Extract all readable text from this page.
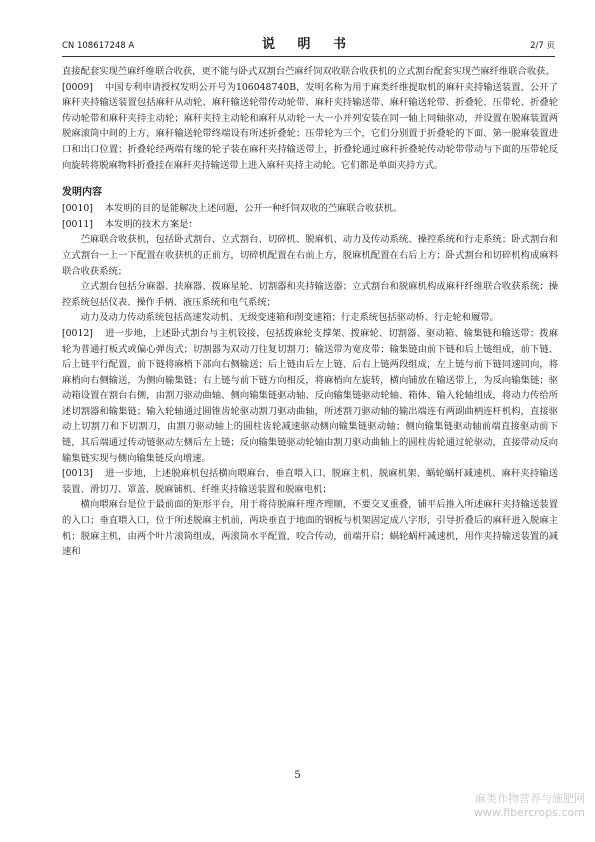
CN 108617248 A	说 明 书	2/7 页

直接配套实现苎麻纤维联合收获，更不能与卧式双割台苎麻纤饲双收联合收获机的立式割台配套实现苎麻纤维联合收获。

[0009]    中国专利申请授权发明公开号为106048740B，发明名称为用于麻类纤维提取机的麻秆夹持输送装置，公开了麻秆夹持输送装置包括麻秆从动轮、麻秆输送轮带传动轮带、麻秆夹持输送带、麻秆输送轮带、折叠轮、压带轮、折叠轮传动轮带和麻秆夹持主动轮；麻秆夹持主动轮和麻秆从动轮一大一小并列安装在同一轴上同轴驱动，并设置在脱麻装置两脱麻滚筒中间的上方，麻秆输送轮带终端设有所述折叠轮；压带轮为三个，它们分别置于折叠轮的下面、第一脱麻装置进口和出口位置；折叠轮经两端有缘的轮子装在麻秆夹持输送带上，折叠轮通过麻秆折叠轮传动轮带带动与下面的压带轮反向旋转将脱麻物料折叠挂在麻秆夹持输送带上进入麻秆夹持主动轮。它们都是单面夹持方式。

发明内容

[0010]    本发明的目的是能解决上述问题，公开一种纤饲双收的苎麻联合收获机。

[0011]    本发明的技术方案是：

苎麻联合收获机，包括卧式割台、立式割台、切碎机、脱麻机、动力及传动系统、操控系统和行走系统；卧式割台和立式割台一上一下配置在收获机的正前方，切碎机配置在右前上方，脱麻机配置在右后上方；卧式割台和切碎机构成麻料联合收获系统；

立式割台包括分麻器、扶麻器、拨麻星轮、切割器和夹持输送器；立式割台和脱麻机构成麻秆纤维联合收获系统；操控系统包括仪表、操作手柄、液压系统和电气系统；

动力及动力传动系统包括高速发动机、无级变速箱和削变速箱；行走系统包括驱动桥、行走轮和履带。

[0012]    进一步地，上述卧式割台与主机铰接，包括拨麻轮支撑架、拨麻轮、切割器、驱动箱、输集链和输送带；拨麻轮为普通打板式或偏心弹齿式；切割器为双动刀往复切割刀；输送带为宽皮带；输集链由前下链和后上链组成，前下链、后上链平行配置，前下链将麻梢下部向右侧输送；后上链由后左上链、后右上链两段组成，左上链与前下链同速同向，将麻梢向右侧输送，为侧向输集链；右上链与前下链方向相反，将麻梢向左旋转，横向铺放在输送带上，为反向输集链；驱动箱设置在割台右侧，由割刀驱动曲轴、侧向输集链驱动轴、反向输集链驱动轮轴、箱体、输入轮轴组成，将动力传给所述切割器和输集链；输入轮轴通过圆锥齿轮驱动割刀驱动曲轴，所述割刀驱动轴的输出端连有两副曲柄连杆机构，直接驱动上切割刀和下切割刀，由割刀驱动轴上的圆柱齿轮减速驱动侧向输集链驱动轴；侧向输集链驱动轴前端直接驱动前下链，其后端通过传动链驱动左侧后左上链；反向输集链驱动轮轴由割刀驱动曲轴上的圆柱齿轮通过轮驱动，直接带动反向输集链实现与侧向输集链反向增速。

[0013]    进一步地，上述脱麻机包括横向喂麻台、垂直喂入口、脱麻主机、脱麻机架、蜗轮蜗杆减速机、麻秆夹持输送装置、滑切刀、罩盖、脱麻铺机、纤维夹持输送装置和脱麻电机；

横向喂麻台是位于最前面的矩形平台，用于将待脱麻秆理齐理顺，不要交叉重叠，铺平后推入所述麻秆夹持输送装置的入口；垂直喂入口，位于所述脱麻主机前，两块垂直于地面的钢板与机架固定成八字形，引导折叠后的麻秆进入脱麻主机；脱麻主机，由两个叶片滚筒组成，两滚筒水平配置，咬合传动，前端开启；蜗轮蜗杆减速机，用作夹持输送装置的减速和

5
麻类作物营养与施肥网
www.fibercrops.com
